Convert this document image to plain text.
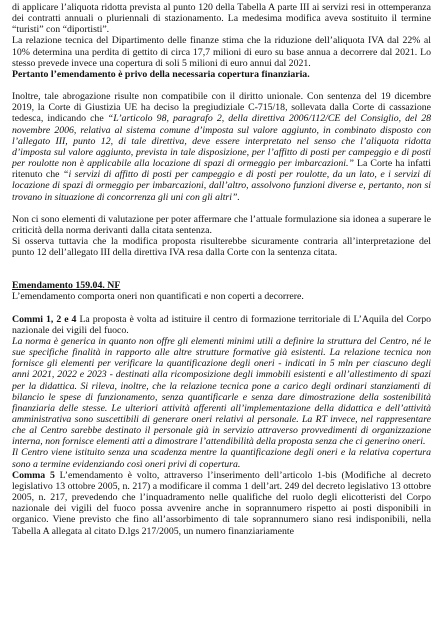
di applicare l’aliquota ridotta prevista al punto 120 della Tabella A parte III ai servizi resi in ottemperanza dei contratti annuali o pluriennali di stazionamento. La medesima modifica aveva sostituito il termine “turisti” con “diportisti”.

La relazione tecnica del Dipartimento delle finanze stima che la riduzione dell’aliquota IVA dal 22% al 10% determina una perdita di gettito di circa 17,7 milioni di euro su base annua a decorrere dal 2021. Lo stesso prevede invece una copertura di soli 5 milioni di euro annui dal 2021.

Pertanto l’emendamento è privo della necessaria copertura finanziaria.

Inoltre, tale abrogazione risulte non compatibile con il diritto unionale. Con sentenza del 19 dicembre 2019, la Corte di Giustizia UE ha deciso la pregiudiziale C-715/18, sollevata dalla Corte di cassazione tedesca, indicando che “L’articolo 98, paragrafo 2, della direttiva 2006/112/CE del Consiglio, del 28 novembre 2006, relativa al sistema comune d’imposta sul valore aggiunto, in combinato disposto con l’allegato III, punto 12, di tale direttiva, deve essere interpretato nel senso che l’aliquota ridotta d’imposta sul valore aggiunto, prevista in tale disposizione, per l’affitto di posti per campeggio e di posti per roulotte non è applicabile alla locazione di spazi di ormeggio per imbarcazioni.” La Corte ha infatti ritenuto che “i servizi di affitto di posti per campeggio e di posti per roulotte, da un lato, e i servizi di locazione di spazi di ormeggio per imbarcazioni, dall’altro, assolvono funzioni diverse e, pertanto, non si trovano in situazione di concorrenza gli uni con gli altri”.

Non ci sono elementi di valutazione per poter affermare che l’attuale formulazione sia idonea a superare le criticità della norma derivanti dalla citata sentenza.

Si osserva tuttavia che la modifica proposta risulterebbe sicuramente contraria all’interpretazione del punto 12 dell’allegato III della direttiva IVA resa dalla Corte con la sentenza citata.

Emendamento 159.04. NF

L’emendamento comporta oneri non quantificati e non coperti a decorrere.

Commi 1, 2 e 4 La proposta è volta ad istituire il centro di formazione territoriale di L’Aquila del Corpo nazionale dei vigili del fuoco.

La norma è generica in quanto non offre gli elementi minimi utili a definire la struttura del Centro, né le sue specifiche finalità in rapporto alle altre strutture formative già esistenti. La relazione tecnica non fornisce gli elementi per verificare la quantificazione degli oneri - indicati in 5 mln per ciascuno degli anni 2021, 2022 e 2023 - destinati alla ricomposizione degli immobili esistenti e all’allestimento di spazi per la didattica. Si rileva, inoltre, che la relazione tecnica pone a carico degli ordinari stanziamenti di bilancio le spese di funzionamento, senza quantificarle e senza dare dimostrazione della sostenibilità finanziaria delle stesse. Le ulteriori attività afferenti all’implementazione della didattica e dell’attività amministrativa sono suscettibili di generare oneri relativi al personale. La RT invece, nel rappresentare che al Centro sarebbe destinato il personale già in servizio attraverso provvedimenti di organizzazione interna, non fornisce elementi atti a dimostrare l’attendibilità della proposta senza che ci generino oneri.

Il Centro viene istituito senza una scadenza mentre la quantificazione degli oneri e la relativa copertura sono a termine evidenziando così oneri privi di copertura.

Comma 5 L’emendamento è volto, attraverso l’inserimento dell’articolo 1-bis (Modifiche al decreto legislativo 13 ottobre 2005, n. 217) a modificare il comma 1 dell’art. 249 del decreto legislativo 13 ottobre 2005, n. 217, prevedendo che l’inquadramento nelle qualifiche del ruolo degli elicotteristi del Corpo nazionale dei vigili del fuoco possa avvenire anche in soprannumero rispetto ai posti disponibili in organico. Viene previsto che fino all’assorbimento di tale soprannumero siano resi indisponibili, nella Tabella A allegata al citato D.lgs 217/2005, un numero finanziariamente
